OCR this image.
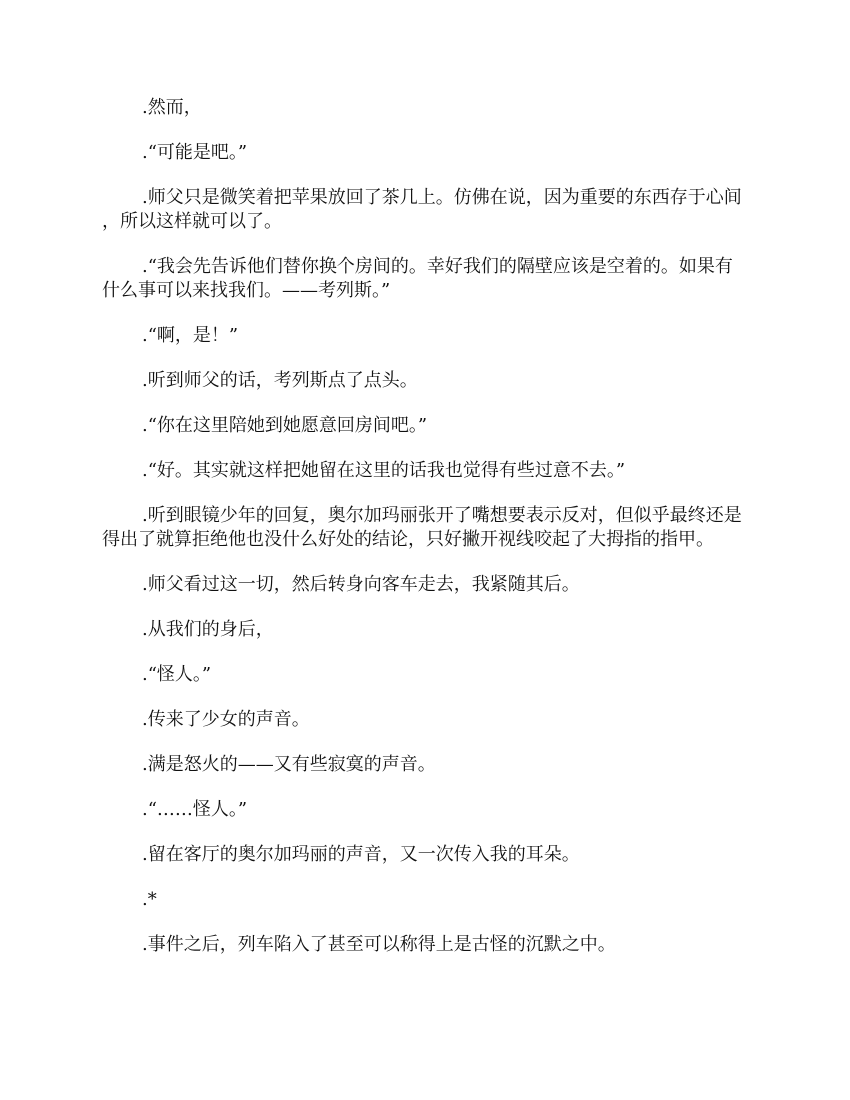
.然而，

.“可能是吧。”

.师父只是微笑着把苹果放回了茶几上。仿佛在说，因为重要的东西存于心间，所以这样就可以了。

.“我会先告诉他们替你换个房间的。幸好我们的隔壁应该是空着的。如果有什么事可以来找我们。——考列斯。”

.“啊，是！”

.听到师父的话，考列斯点了点头。

.“你在这里陪她到她愿意回房间吧。”

.“好。其实就这样把她留在这里的话我也觉得有些过意不去。”

.听到眼镜少年的回复，奥尔加玛丽张开了嘴想要表示反对，但似乎最终还是得出了就算拒绝他也没什么好处的结论，只好撇开视线咬起了大拇指的指甲。

.师父看过这一切，然后转身向客车走去，我紧随其后。

.从我们的身后，

.“怪人。”

.传来了少女的声音。

.满是怒火的——又有些寂寞的声音。

.“……怪人。”

.留在客厅的奥尔加玛丽的声音，又一次传入我的耳朵。

.*

.事件之后，列车陷入了甚至可以称得上是古怪的沉默之中。
